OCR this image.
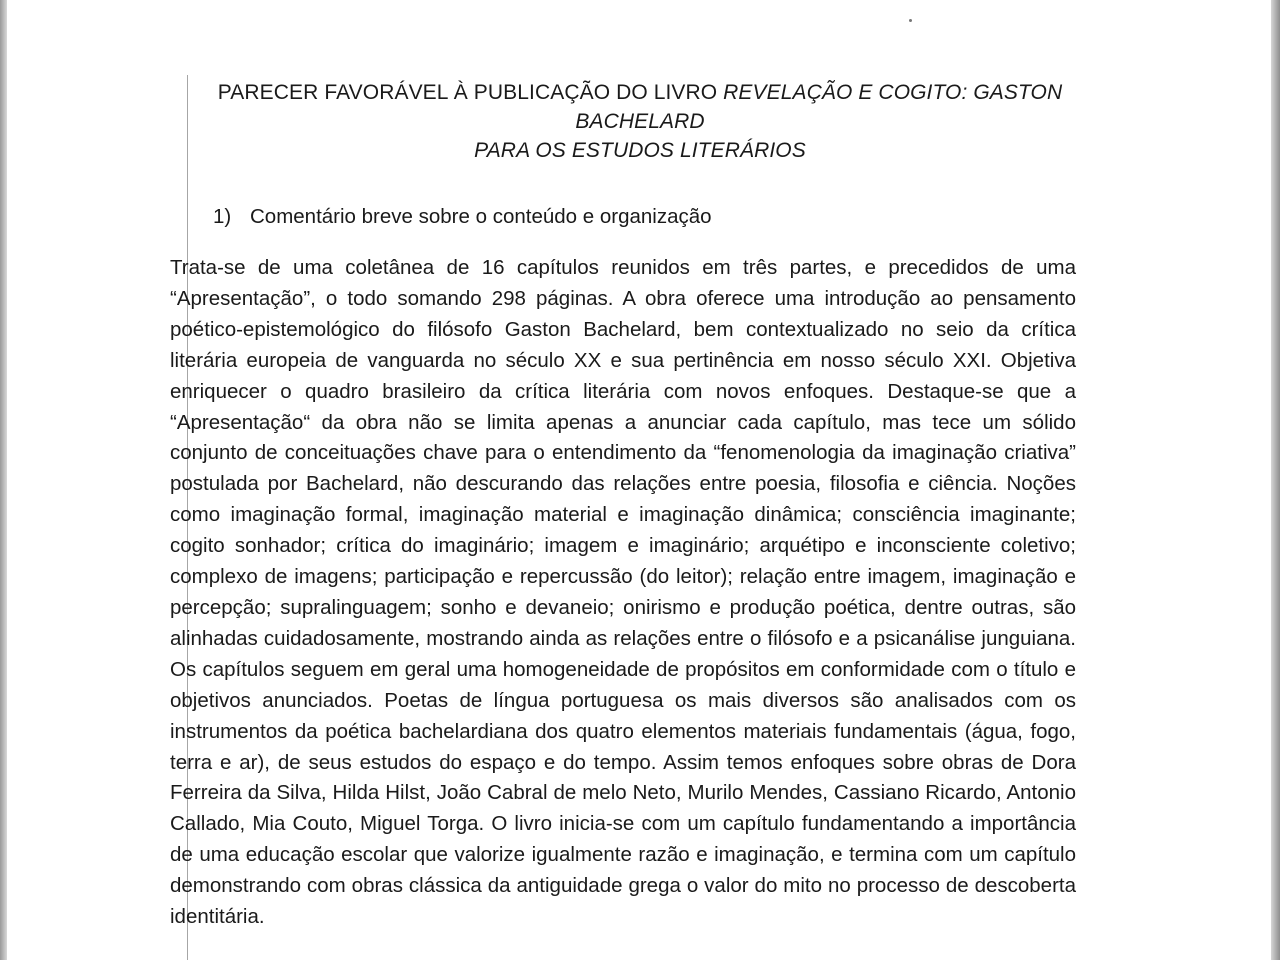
PARECER FAVORÁVEL À PUBLICAÇÃO DO LIVRO REVELAÇÃO E COGITO: GASTON BACHELARD
PARA OS ESTUDOS LITERÁRIOS
1) Comentário breve sobre o conteúdo e organização

Trata-se de uma coletânea de 16 capítulos reunidos em três partes, e precedidos de uma “Apresentação”, o todo somando 298 páginas. A obra oferece uma introdução ao pensamento poético-epistemológico do filósofo Gaston Bachelard, bem contextualizado no seio da crítica literária europeia de vanguarda no século XX e sua pertinência em nosso século XXI. Objetiva enriquecer o quadro brasileiro da crítica literária com novos enfoques. Destaque-se que a “Apresentação“ da obra não se limita apenas a anunciar cada capítulo, mas tece um sólido conjunto de conceituações chave para o entendimento da “fenomenologia da imaginação criativa” postulada por Bachelard, não descurando das relações entre poesia, filosofia e ciência. Noções como imaginação formal, imaginação material e imaginação dinâmica; consciência imaginante; cogito sonhador; crítica do imaginário; imagem e imaginário; arquétipo e inconsciente coletivo; complexo de imagens; participação e repercussão (do leitor); relação entre imagem, imaginação e percepção; supralinguagem; sonho e devaneio; onirismo e produção poética, dentre outras, são alinhadas cuidadosamente, mostrando ainda as relações entre o filósofo e a psicanálise junguiana. Os capítulos seguem em geral uma homogeneidade de propósitos em conformidade com o título e objetivos anunciados. Poetas de língua portuguesa os mais diversos são analisados com os instrumentos da poética bachelardiana dos quatro elementos materiais fundamentais (água, fogo, terra e ar), de seus estudos do espaço e do tempo. Assim temos enfoques sobre obras de Dora Ferreira da Silva, Hilda Hilst, João Cabral de melo Neto, Murilo Mendes, Cassiano Ricardo, Antonio Callado, Mia Couto, Miguel Torga. O livro inicia-se com um capítulo fundamentando a importância de uma educação escolar que valorize igualmente razão e imaginação, e termina com um capítulo demonstrando com obras clássica da antiguidade grega o valor do mito no processo de descoberta identitária.
